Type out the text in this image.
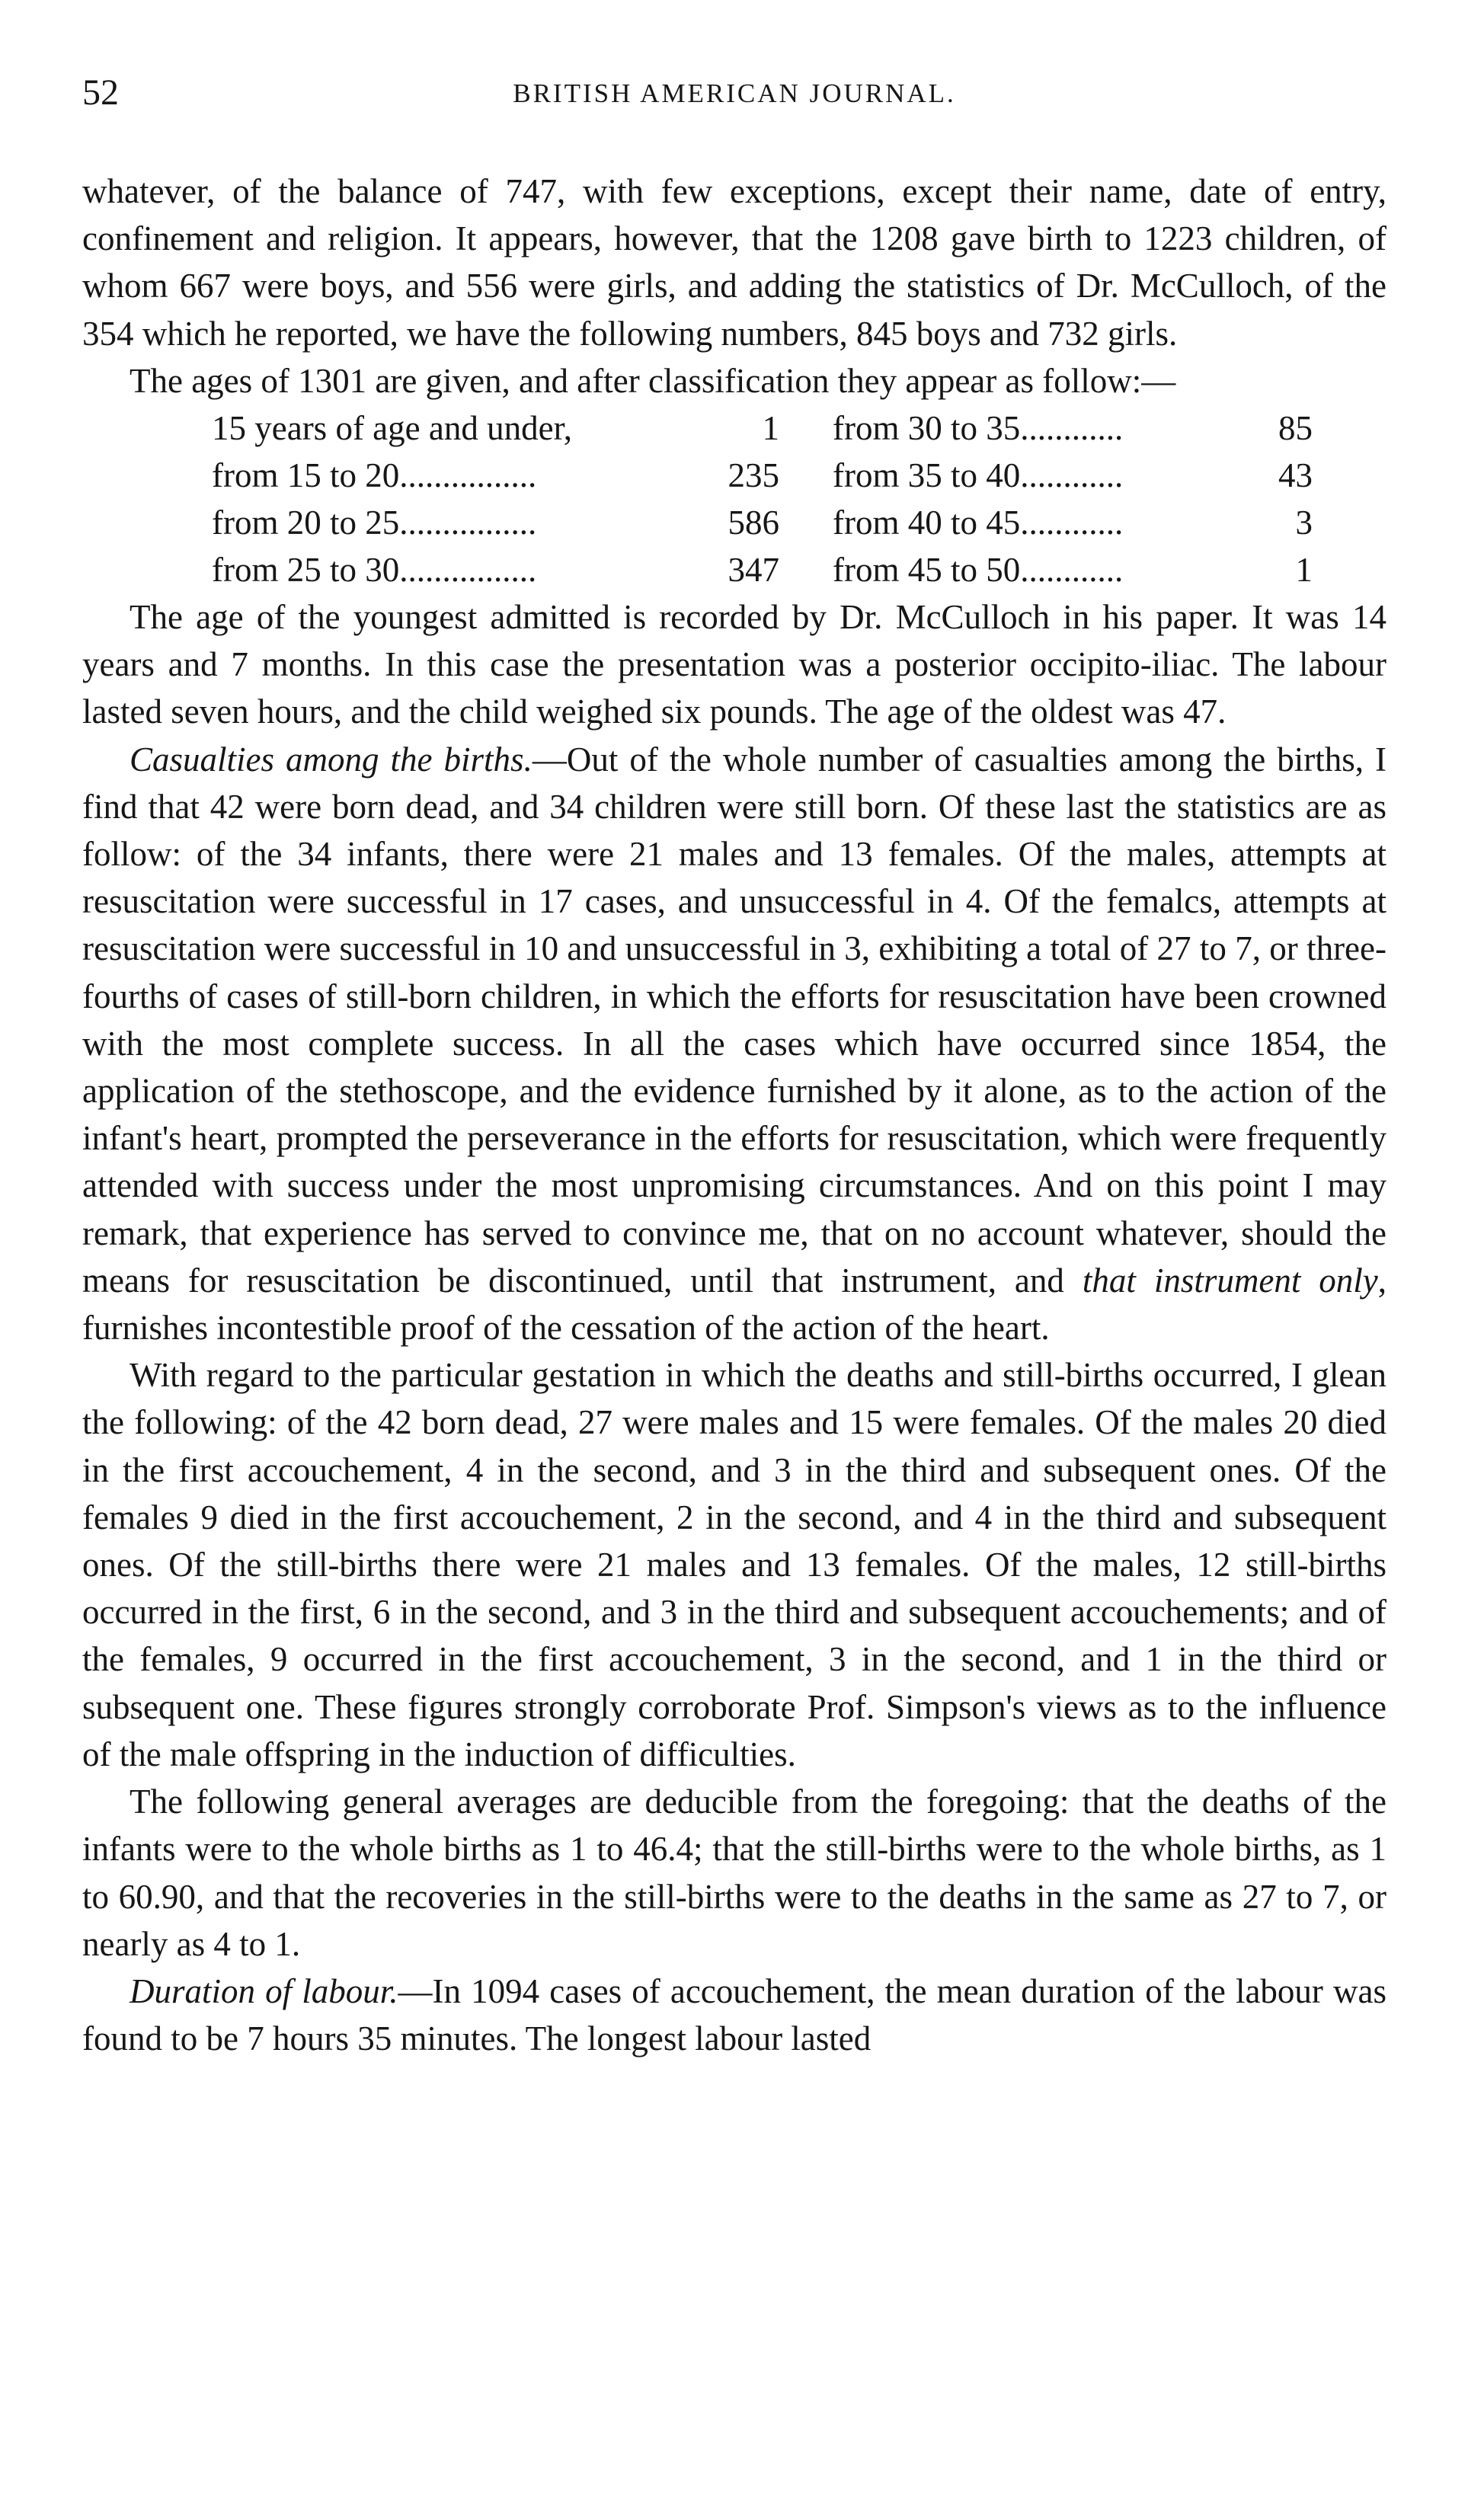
52	BRITISH AMERICAN JOURNAL.

whatever, of the balance of 747, with few exceptions, except their name, date of entry, confinement and religion. It appears, however, that the 1208 gave birth to 1223 children, of whom 667 were boys, and 556 were girls, and adding the statistics of Dr. McCulloch, of the 354 which he reported, we have the following numbers, 845 boys and 732 girls.

The ages of 1301 are given, and after classification they appear as follow:—

15 years of age and under,	1 from 30 to 35............	85
from 15 to 20................	235 from 35 to 40............	43
from 20 to 25................	586 from 40 to 45............	3
from 25 to 30................	347 from 45 to 50............	1

The age of the youngest admitted is recorded by Dr. McCulloch in his paper. It was 14 years and 7 months. In this case the presentation was a posterior occipito-iliac. The labour lasted seven hours, and the child weighed six pounds. The age of the oldest was 47.

Casualties among the births.—Out of the whole number of casualties among the births, I find that 42 were born dead, and 34 children were still born. Of these last the statistics are as follow: of the 34 infants, there were 21 males and 13 females. Of the males, attempts at resuscitation were successful in 17 cases, and unsuccessful in 4. Of the femalcs, attempts at resuscitation were successful in 10 and unsuccessful in 3, exhibiting a total of 27 to 7, or three-fourths of cases of still-born children, in which the efforts for resuscitation have been crowned with the most complete success. In all the cases which have occurred since 1854, the application of the stethoscope, and the evidence furnished by it alone, as to the action of the infant's heart, prompted the perseverance in the efforts for resuscitation, which were frequently attended with success under the most unpromising circumstances. And on this point I may remark, that experience has served to convince me, that on no account whatever, should the means for resuscitation be discontinued, until that instrument, and that instrument only, furnishes incontestible proof of the cessation of the action of the heart.

With regard to the particular gestation in which the deaths and still-births occurred, I glean the following: of the 42 born dead, 27 were males and 15 were females. Of the males 20 died in the first accouchement, 4 in the second, and 3 in the third and subsequent ones. Of the females 9 died in the first accouchement, 2 in the second, and 4 in the third and subsequent ones. Of the still-births there were 21 males and 13 females. Of the males, 12 still-births occurred in the first, 6 in the second, and 3 in the third and subsequent accouchements; and of the females, 9 occurred in the first accouchement, 3 in the second, and 1 in the third or subsequent one. These figures strongly corroborate Prof. Simpson's views as to the influence of the male offspring in the induction of difficulties.

The following general averages are deducible from the foregoing: that the deaths of the infants were to the whole births as 1 to 46.4; that the still-births were to the whole births, as 1 to 60.90, and that the recoveries in the still-births were to the deaths in the same as 27 to 7, or nearly as 4 to 1.

Duration of labour.—In 1094 cases of accouchement, the mean duration of the labour was found to be 7 hours 35 minutes. The longest labour lasted
